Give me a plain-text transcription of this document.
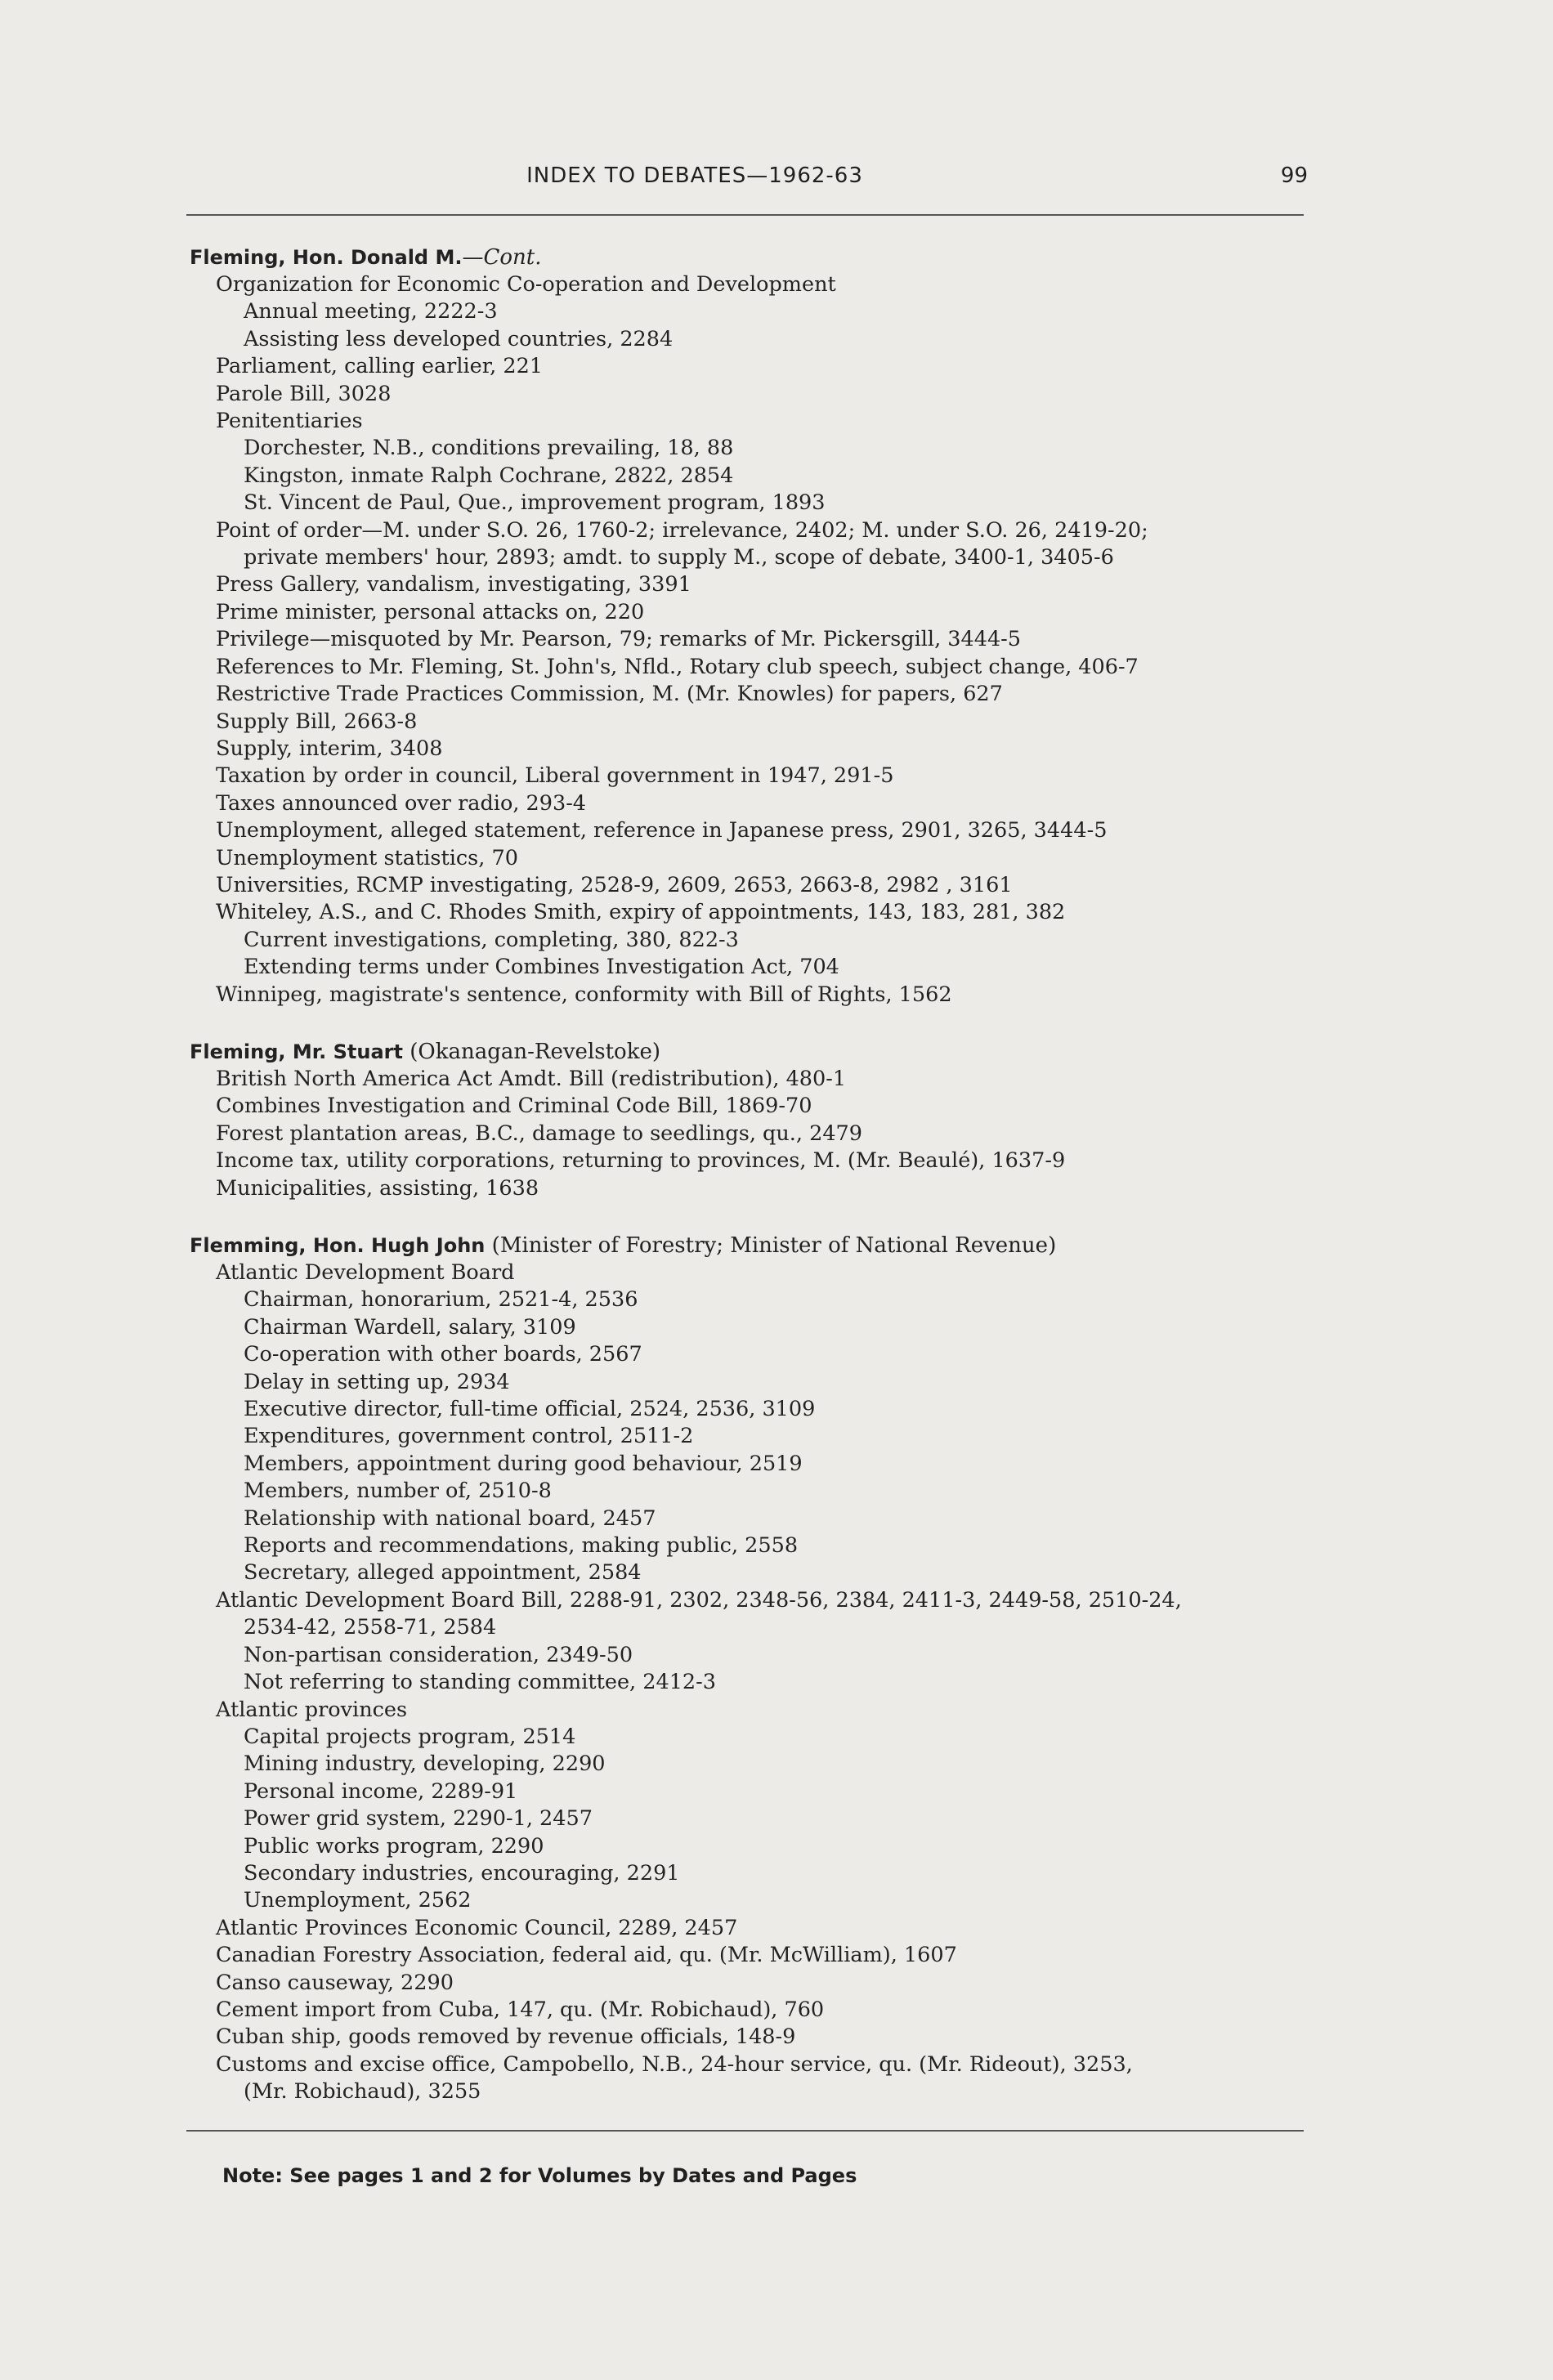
INDEX TO DEBATES—1962-63	99
Fleming, Hon. Donald M.—Cont.
Organization for Economic Co-operation and Development
Annual meeting, 2222-3
Assisting less developed countries, 2284
Parliament, calling earlier, 221
Parole Bill, 3028
Penitentiaries
Dorchester, N.B., conditions prevailing, 18, 88
Kingston, inmate Ralph Cochrane, 2822, 2854
St. Vincent de Paul, Que., improvement program, 1893
Point of order—M. under S.O. 26, 1760-2; irrelevance, 2402; M. under S.O. 26, 2419-20;
private members' hour, 2893; amdt. to supply M., scope of debate, 3400-1, 3405-6
Press Gallery, vandalism, investigating, 3391
Prime minister, personal attacks on, 220
Privilege—misquoted by Mr. Pearson, 79; remarks of Mr. Pickersgill, 3444-5
References to Mr. Fleming, St. John's, Nfld., Rotary club speech, subject change, 406-7
Restrictive Trade Practices Commission, M. (Mr. Knowles) for papers, 627
Supply Bill, 2663-8
Supply, interim, 3408
Taxation by order in council, Liberal government in 1947, 291-5
Taxes announced over radio, 293-4
Unemployment, alleged statement, reference in Japanese press, 2901, 3265, 3444-5
Unemployment statistics, 70
Universities, RCMP investigating, 2528-9, 2609, 2653, 2663-8, 2982 , 3161
Whiteley, A.S., and C. Rhodes Smith, expiry of appointments, 143, 183, 281, 382
Current investigations, completing, 380, 822-3
Extending terms under Combines Investigation Act, 704
Winnipeg, magistrate's sentence, conformity with Bill of Rights, 1562
Fleming, Mr. Stuart (Okanagan-Revelstoke)
British North America Act Amdt. Bill (redistribution), 480-1
Combines Investigation and Criminal Code Bill, 1869-70
Forest plantation areas, B.C., damage to seedlings, qu., 2479
Income tax, utility corporations, returning to provinces, M. (Mr. Beaulé), 1637-9
Municipalities, assisting, 1638
Flemming, Hon. Hugh John (Minister of Forestry; Minister of National Revenue)
Atlantic Development Board
Chairman, honorarium, 2521-4, 2536
Chairman Wardell, salary, 3109
Co-operation with other boards, 2567
Delay in setting up, 2934
Executive director, full-time official, 2524, 2536, 3109
Expenditures, government control, 2511-2
Members, appointment during good behaviour, 2519
Members, number of, 2510-8
Relationship with national board, 2457
Reports and recommendations, making public, 2558
Secretary, alleged appointment, 2584
Atlantic Development Board Bill, 2288-91, 2302, 2348-56, 2384, 2411-3, 2449-58, 2510-24,
2534-42, 2558-71, 2584
Non-partisan consideration, 2349-50
Not referring to standing committee, 2412-3
Atlantic provinces
Capital projects program, 2514
Mining industry, developing, 2290
Personal income, 2289-91
Power grid system, 2290-1, 2457
Public works program, 2290
Secondary industries, encouraging, 2291
Unemployment, 2562
Atlantic Provinces Economic Council, 2289, 2457
Canadian Forestry Association, federal aid, qu. (Mr. McWilliam), 1607
Canso causeway, 2290
Cement import from Cuba, 147, qu. (Mr. Robichaud), 760
Cuban ship, goods removed by revenue officials, 148-9
Customs and excise office, Campobello, N.B., 24-hour service, qu. (Mr. Rideout), 3253,
(Mr. Robichaud), 3255
Note: See pages 1 and 2 for Volumes by Dates and Pages
